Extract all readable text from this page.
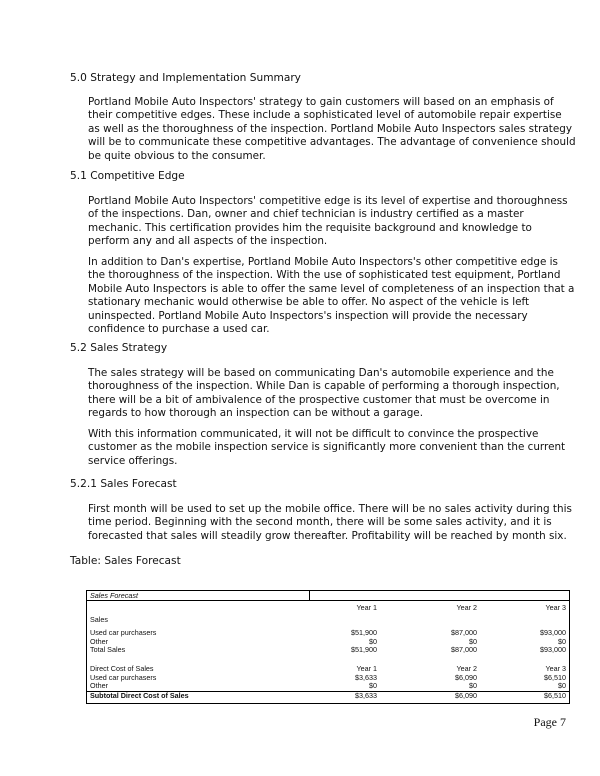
5.0 Strategy and Implementation Summary

Portland Mobile Auto Inspectors' strategy to gain customers will based on an emphasis of their competitive edges. These include a sophisticated level of automobile repair expertise as well as the thoroughness of the inspection. Portland Mobile Auto Inspectors sales strategy will be to communicate these competitive advantages. The advantage of convenience should be quite obvious to the consumer.

5.1 Competitive Edge

Portland Mobile Auto Inspectors' competitive edge is its level of expertise and thoroughness of the inspections. Dan, owner and chief technician is industry certified as a master mechanic. This certification provides him the requisite background and knowledge to perform any and all aspects of the inspection.

In addition to Dan's expertise, Portland Mobile Auto Inspectors's other competitive edge is the thoroughness of the inspection. With the use of sophisticated test equipment, Portland Mobile Auto Inspectors is able to offer the same level of completeness of an inspection that a stationary mechanic would otherwise be able to offer. No aspect of the vehicle is left uninspected. Portland Mobile Auto Inspectors's inspection will provide the necessary confidence to purchase a used car.

5.2 Sales Strategy

The sales strategy will be based on communicating Dan's automobile experience and the thoroughness of the inspection. While Dan is capable of performing a thorough inspection, there will be a bit of ambivalence of the prospective customer that must be overcome in regards to how thorough an inspection can be without a garage.

With this information communicated, it will not be difficult to convince the prospective customer as the mobile inspection service is significantly more convenient than the current service offerings.

5.2.1 Sales Forecast

First month will be used to set up the mobile office. There will be no sales activity during this time period. Beginning with the second month, there will be some sales activity, and it is forecasted that sales will steadily grow thereafter. Profitability will be reached by month six.

Table: Sales Forecast

Sales Forecast
Year 1	Year 2	Year 3
Sales
Used car purchasers	$51,900	$87,000	$93,000
Other	$0	$0	$0
Total Sales	$51,900	$87,000	$93,000
Direct Cost of Sales	Year 1	Year 2	Year 3
Used car purchasers	$3,633	$6,090	$6,510
Other	$0	$0	$0
Subtotal Direct Cost of Sales	$3,633	$6,090	$6,510
Page 7
